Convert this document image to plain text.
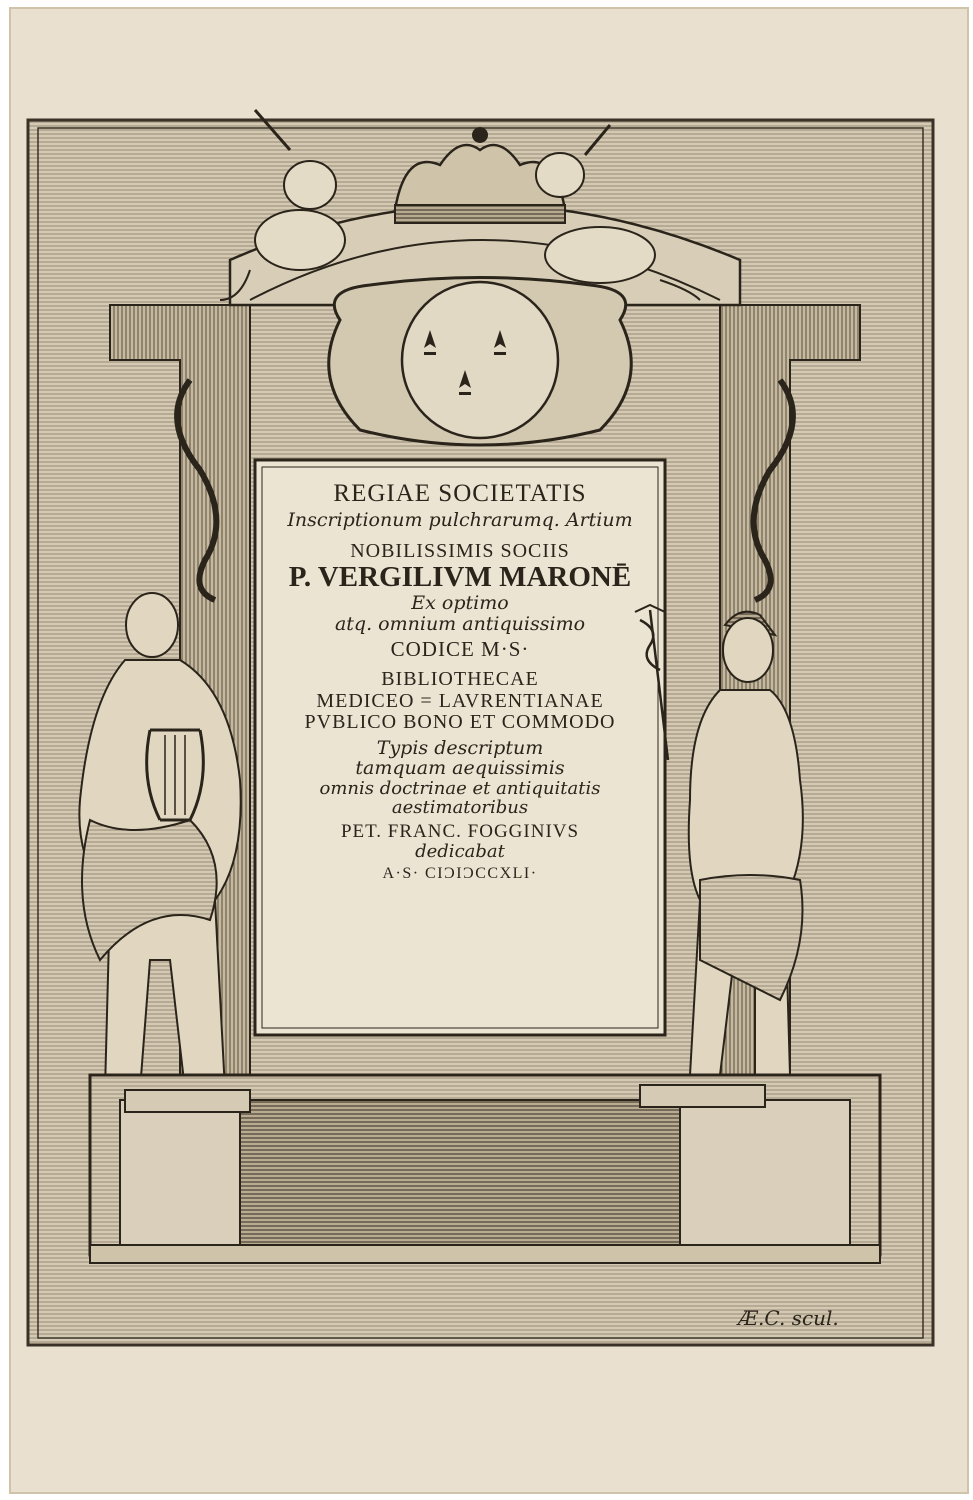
REGIAE SOCIETATIS
Inscriptionum pulchrarumq. Artium
NOBILISSIMIS SOCIIS
P. VERGILIVM MARONĒ
Ex optimo
atq. omnium antiquissimo
CODICE M·S·
BIBLIOTHECAE
MEDICEO = LAVRENTIANAE
PVBLICO BONO ET COMMODO
Typis descriptum
tamquam aequissimis
omnis doctrinae et antiquitatis
aestimatoribus
PET. FRANC. FOGGINIVS
dedicabat
A·S· CIƆIƆCCXLI·
Æ.C. scul.
